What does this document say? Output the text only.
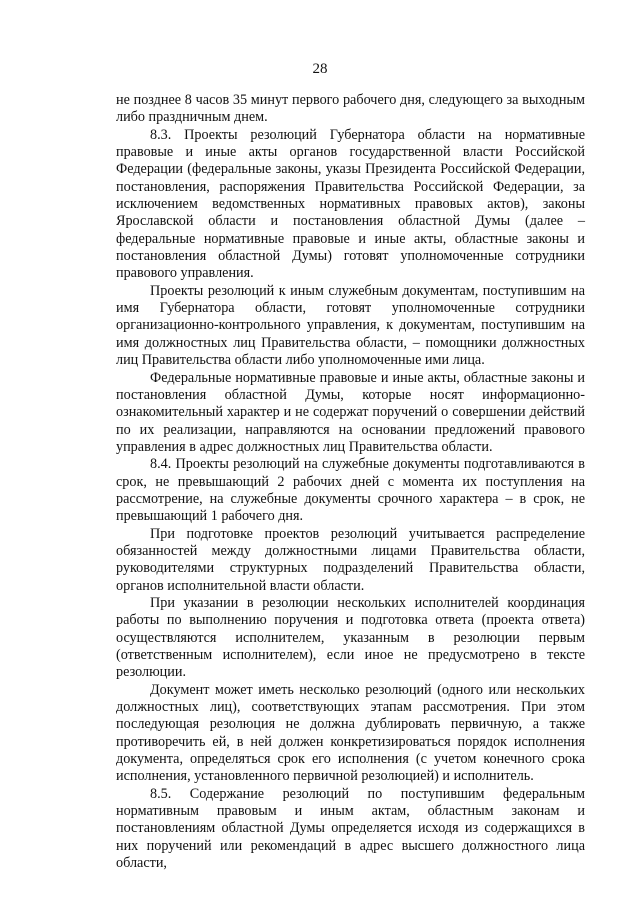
28

не позднее 8 часов 35 минут первого рабочего дня, следующего за выходным либо праздничным днем.

8.3. Проекты резолюций Губернатора области на нормативные правовые и иные акты органов государственной власти Российской Федерации (федеральные законы, указы Президента Российской Федерации, постановления, распоряжения Правительства Российской Федерации, за исключением ведомственных нормативных правовых актов), законы Ярославской области и постановления областной Думы (далее – федеральные нормативные правовые и иные акты, областные законы и постановления областной Думы) готовят уполномоченные сотрудники правового управления.

Проекты резолюций к иным служебным документам, поступившим на имя Губернатора области, готовят уполномоченные сотрудники организационно-контрольного управления, к документам, поступившим на имя должностных лиц Правительства области, – помощники должностных лиц Правительства области либо уполномоченные ими лица.

Федеральные нормативные правовые и иные акты, областные законы и постановления областной Думы, которые носят информационно-ознакомительный характер и не содержат поручений о совершении действий по их реализации, направляются на основании предложений правового управления в адрес должностных лиц Правительства области.

8.4. Проекты резолюций на служебные документы подготавливаются в срок, не превышающий 2 рабочих дней с момента их поступления на рассмотрение, на служебные документы срочного характера – в срок, не превышающий 1 рабочего дня.

При подготовке проектов резолюций учитывается распределение обязанностей между должностными лицами Правительства области, руководителями структурных подразделений Правительства области, органов исполнительной власти области.

При указании в резолюции нескольких исполнителей координация работы по выполнению поручения и подготовка ответа (проекта ответа) осуществляются исполнителем, указанным в резолюции первым (ответственным исполнителем), если иное не предусмотрено в тексте резолюции.

Документ может иметь несколько резолюций (одного или нескольких должностных лиц), соответствующих этапам рассмотрения. При этом последующая резолюция не должна дублировать первичную, а также противоречить ей, в ней должен конкретизироваться порядок исполнения документа, определяться срок его исполнения (с учетом конечного срока исполнения, установленного первичной резолюцией) и исполнитель.

8.5. Содержание резолюций по поступившим федеральным нормативным правовым и иным актам, областным законам и постановлениям областной Думы определяется исходя из содержащихся в них поручений или рекомендаций в адрес высшего должностного лица области,
